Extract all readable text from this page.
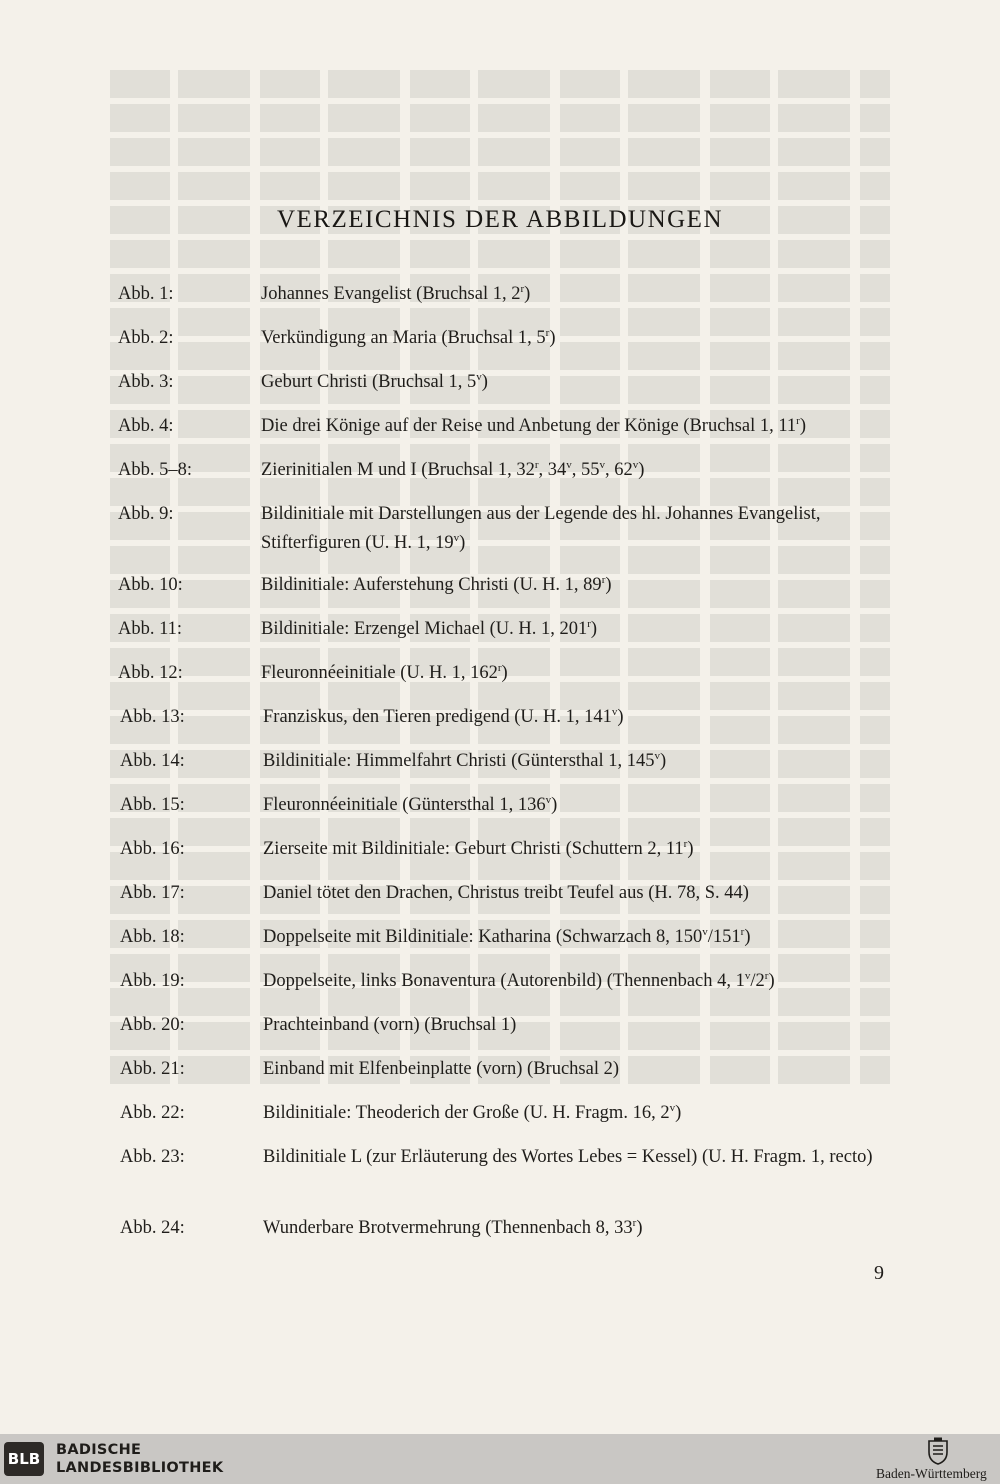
VERZEICHNIS DER ABBILDUNGEN
Abb. 1:	Johannes Evangelist (Bruchsal 1, 2$^r$)
Abb. 2:	Verkündigung an Maria (Bruchsal 1, 5$^r$)
Abb. 3:	Geburt Christi (Bruchsal 1, 5$^v$)
Abb. 4:	Die drei Könige auf der Reise und Anbetung der Könige (Bruchsal 1, 11$^r$)
Abb. 5–8:	Zierinitialen M und I (Bruchsal 1, 32$^r$, 34$^v$, 55$^v$, 62$^v$)
Abb. 9:	Bildinitiale mit Darstellungen aus der Legende des hl. Johannes Evangelist, Stifterfiguren (U. H. 1, 19$^v$)
Abb. 10:	Bildinitiale: Auferstehung Christi (U. H. 1, 89$^r$)
Abb. 11:	Bildinitiale: Erzengel Michael (U. H. 1, 201$^r$)
Abb. 12:	Fleuronnéeinitiale (U. H. 1, 162$^r$)
Abb. 13:	Franziskus, den Tieren predigend (U. H. 1, 141$^v$)
Abb. 14:	Bildinitiale: Himmelfahrt Christi (Güntersthal 1, 145$^v$)
Abb. 15:	Fleuronnéeinitiale (Güntersthal 1, 136$^v$)
Abb. 16:	Zierseite mit Bildinitiale: Geburt Christi (Schuttern 2, 11$^r$)
Abb. 17:	Daniel tötet den Drachen, Christus treibt Teufel aus (H. 78, S. 44)
Abb. 18:	Doppelseite mit Bildinitiale: Katharina (Schwarzach 8, 150$^v$/151$^r$)
Abb. 19:	Doppelseite, links Bonaventura (Autorenbild) (Thennenbach 4, 1$^v$/2$^r$)
Abb. 20:	Prachteinband (vorn) (Bruchsal 1)
Abb. 21:	Einband mit Elfenbeinplatte (vorn) (Bruchsal 2)
Abb. 22:	Bildinitiale: Theoderich der Große (U. H. Fragm. 16, 2$^v$)
Abb. 23:	Bildinitiale L (zur Erläuterung des Wortes Lebes = Kessel) (U. H. Fragm. 1, recto)
Abb. 24:	Wunderbare Brotvermehrung (Thennenbach 8, 33$^r$)
9
BLB BADISCHE
LANDESBIBLIOTHEK	Baden-Württemberg
